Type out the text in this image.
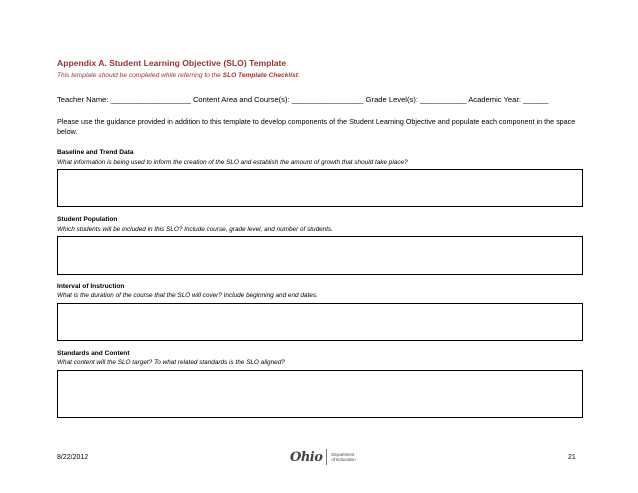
Appendix A. Student Learning Objective (SLO) Template
This template should be completed while referring to the SLO Template Checklist.
Teacher Name: ___________________ Content Area and Course(s): _________________ Grade Level(s): ___________ Academic Year: ______
Please use the guidance provided in addition to this template to develop components of the Student Learning Objective and populate each component in the space below.
Baseline and Trend Data
What information is being used to inform the creation of the SLO and establish the amount of growth that should take place?
Student Population
Which students will be included in this SLO? Include course, grade level, and number of students.
Interval of Instruction
What is the duration of the course that the SLO will cover? Include beginning and end dates.
Standards and Content
What content will the SLO target? To what related standards is the SLO aligned?
8/22/2012	Ohio Department
of Education	21
